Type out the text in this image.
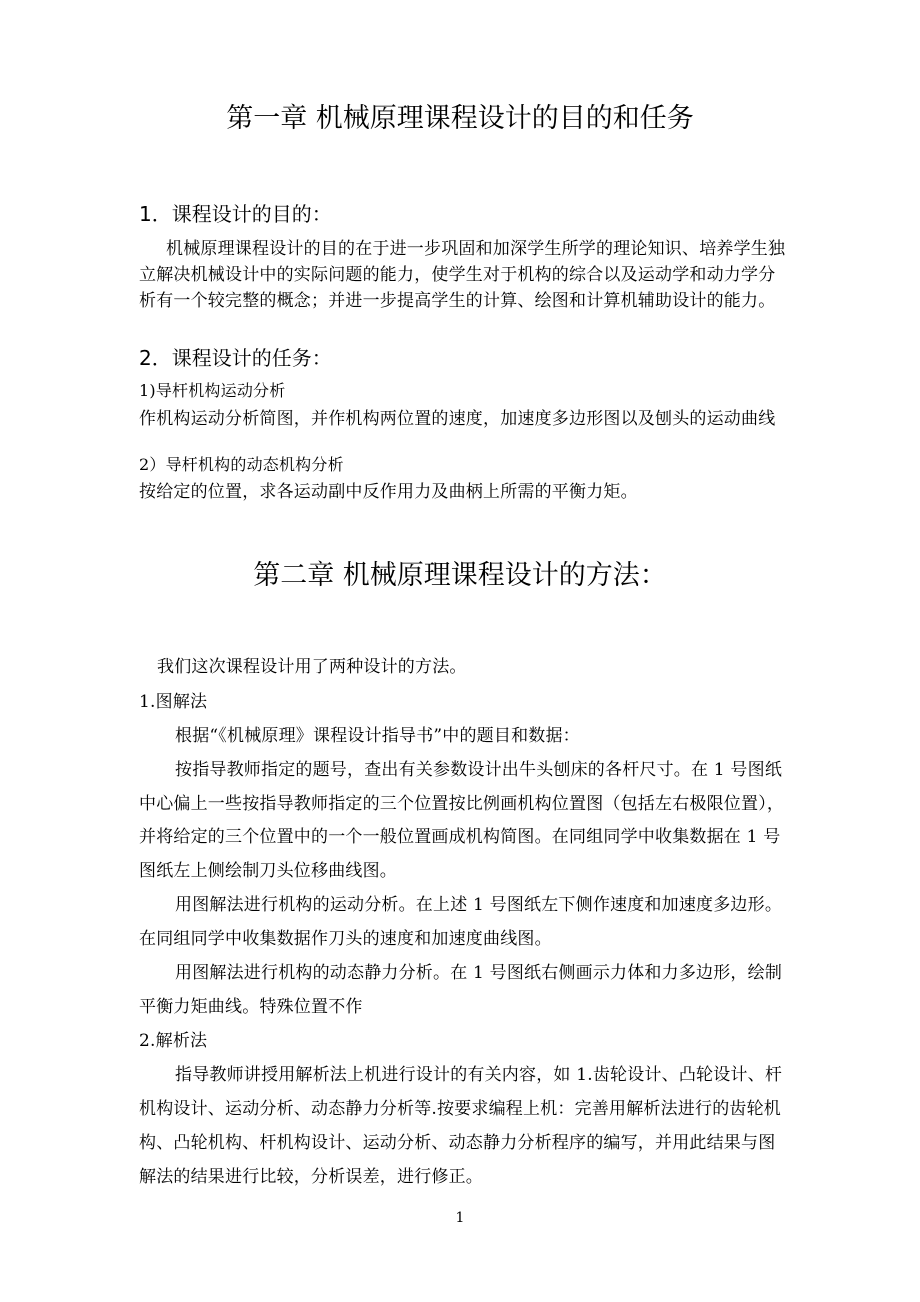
第一章 机械原理课程设计的目的和任务
1．课程设计的目的：
机械原理课程设计的目的在于进一步巩固和加深学生所学的理论知识、培养学生独
立解决机械设计中的实际问题的能力，使学生对于机构的综合以及运动学和动力学分
析有一个较完整的概念；并进一步提高学生的计算、绘图和计算机辅助设计的能力。
2．课程设计的任务：
1)导杆机构运动分析
作机构运动分析简图，并作机构两位置的速度，加速度多边形图以及刨头的运动曲线
2）导杆机构的动态机构分析
按给定的位置，求各运动副中反作用力及曲柄上所需的平衡力矩。
第二章 机械原理课程设计的方法：
我们这次课程设计用了两种设计的方法。
1.图解法
根据“《机械原理》课程设计指导书”中的题目和数据：
按指导教师指定的题号，查出有关参数设计出牛头刨床的各杆尺寸。在 1 号图纸
中心偏上一些按指导教师指定的三个位置按比例画机构位置图（包括左右极限位置），
并将给定的三个位置中的一个一般位置画成机构简图。在同组同学中收集数据在 1 号
图纸左上侧绘制刀头位移曲线图。
用图解法进行机构的运动分析。在上述 1 号图纸左下侧作速度和加速度多边形。
在同组同学中收集数据作刀头的速度和加速度曲线图。
用图解法进行机构的动态静力分析。在 1 号图纸右侧画示力体和力多边形，绘制
平衡力矩曲线。特殊位置不作
2.解析法
指导教师讲授用解析法上机进行设计的有关内容，如 1.齿轮设计、凸轮设计、杆
机构设计、运动分析、动态静力分析等.按要求编程上机：完善用解析法进行的齿轮机
构、凸轮机构、杆机构设计、运动分析、动态静力分析程序的编写，并用此结果与图
解法的结果进行比较，分析误差，进行修正。
1
